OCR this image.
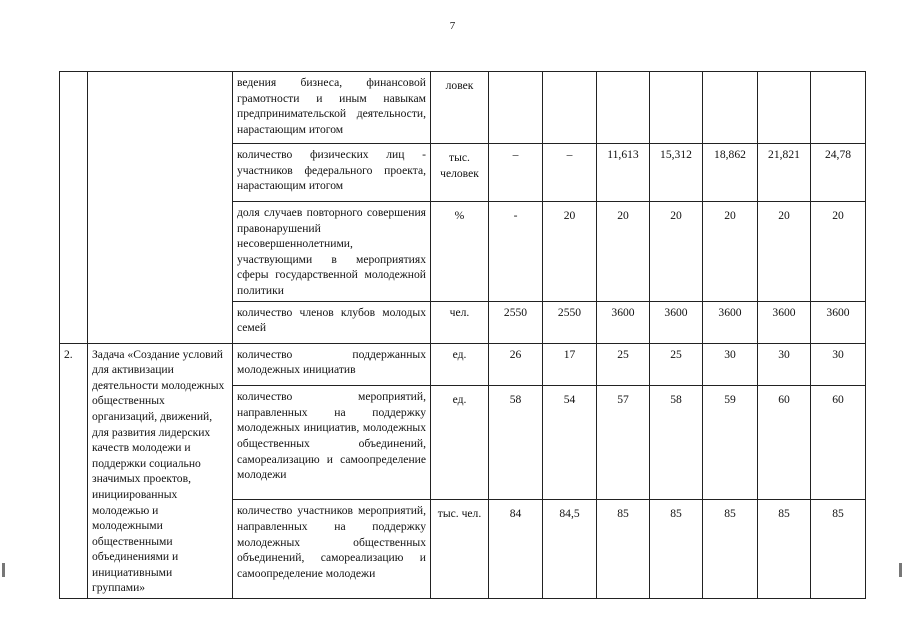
7
		ведения бизнеса, финансовой грамотности и иным навыкам предпринимательской деятельности, нарастающим итогом	ловек							
		количество физических лиц - участников федерального проекта, нарастающим итогом	тыс. человек	–	–	11,613	15,312	18,862	21,821	24,78
		доля случаев повторного совершения правонарушений несовершеннолетними, участвующими в мероприятиях сферы государственной молодежной политики	%	-	20	20	20	20	20	20
		количество членов клубов молодых семей	чел.	2550	2550	3600	3600	3600	3600	3600
2.	Задача «Создание условий для активизации деятельности молодежных общественных организаций, движений, для развития лидерских качеств молодежи и поддержки социально значимых проектов, инициированных молодежью и молодежными общественными объединениями и инициативными группами»	количество поддержанных молодежных инициатив	ед.	26	17	25	25	30	30	30
		количество мероприятий, направленных на поддержку молодежных инициатив, молодежных общественных объединений, самореализацию и самоопределение молодежи	ед.	58	54	57	58	59	60	60
		количество участников мероприятий, направленных на поддержку молодежных общественных объединений, самореализацию и самоопределение молодежи	тыс. чел.	84	84,5	85	85	85	85	85
